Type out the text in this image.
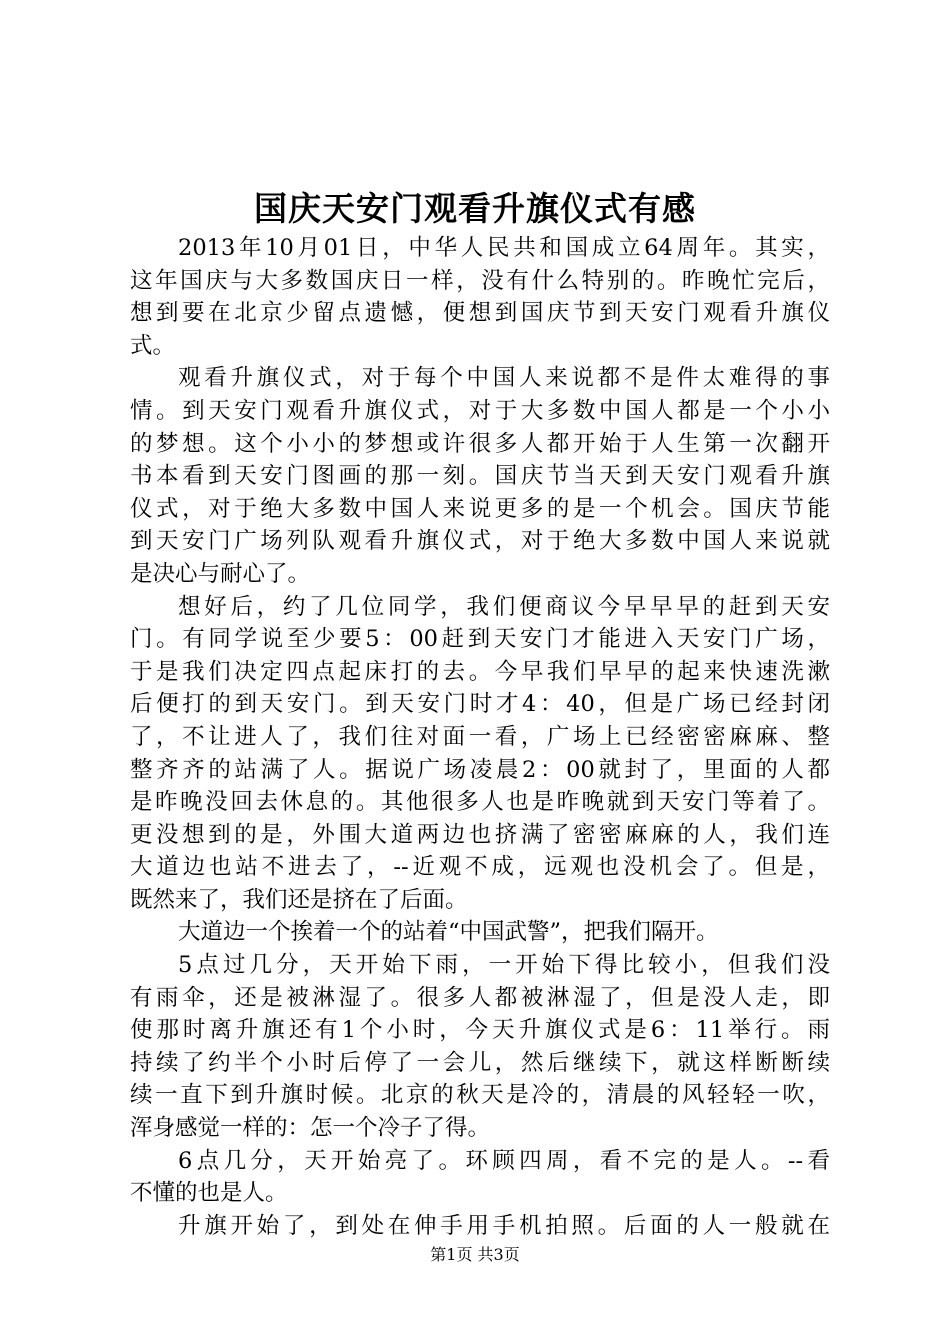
国庆天安门观看升旗仪式有感
2013年10月01日，中华人民共和国成立64周年。其实，
这年国庆与大多数国庆日一样，没有什么特别的。昨晚忙完后，
想到要在北京少留点遗憾，便想到国庆节到天安门观看升旗仪
式。
观看升旗仪式，对于每个中国人来说都不是件太难得的事
情。到天安门观看升旗仪式，对于大多数中国人都是一个小小
的梦想。这个小小的梦想或许很多人都开始于人生第一次翻开
书本看到天安门图画的那一刻。国庆节当天到天安门观看升旗
仪式，对于绝大多数中国人来说更多的是一个机会。国庆节能
到天安门广场列队观看升旗仪式，对于绝大多数中国人来说就
是决心与耐心了。
想好后，约了几位同学，我们便商议今早早早的赶到天安
门。有同学说至少要5：00赶到天安门才能进入天安门广场，
于是我们决定四点起床打的去。今早我们早早的起来快速洗漱
后便打的到天安门。到天安门时才4：40，但是广场已经封闭
了，不让进人了，我们往对面一看，广场上已经密密麻麻、整
整齐齐的站满了人。据说广场凌晨2：00就封了，里面的人都
是昨晚没回去休息的。其他很多人也是昨晚就到天安门等着了。
更没想到的是，外围大道两边也挤满了密密麻麻的人，我们连
大道边也站不进去了，--近观不成，远观也没机会了。但是，
既然来了，我们还是挤在了后面。
大道边一个挨着一个的站着“中国武警”，把我们隔开。
5点过几分，天开始下雨，一开始下得比较小，但我们没
有雨伞，还是被淋湿了。很多人都被淋湿了，但是没人走，即
使那时离升旗还有1个小时，今天升旗仪式是6：11举行。雨
持续了约半个小时后停了一会儿，然后继续下，就这样断断续
续一直下到升旗时候。北京的秋天是冷的，清晨的风轻轻一吹，
浑身感觉一样的：怎一个冷子了得。
6点几分，天开始亮了。环顾四周，看不完的是人。--看
不懂的也是人。
升旗开始了，到处在伸手用手机拍照。后面的人一般就在
第1页 共3页
